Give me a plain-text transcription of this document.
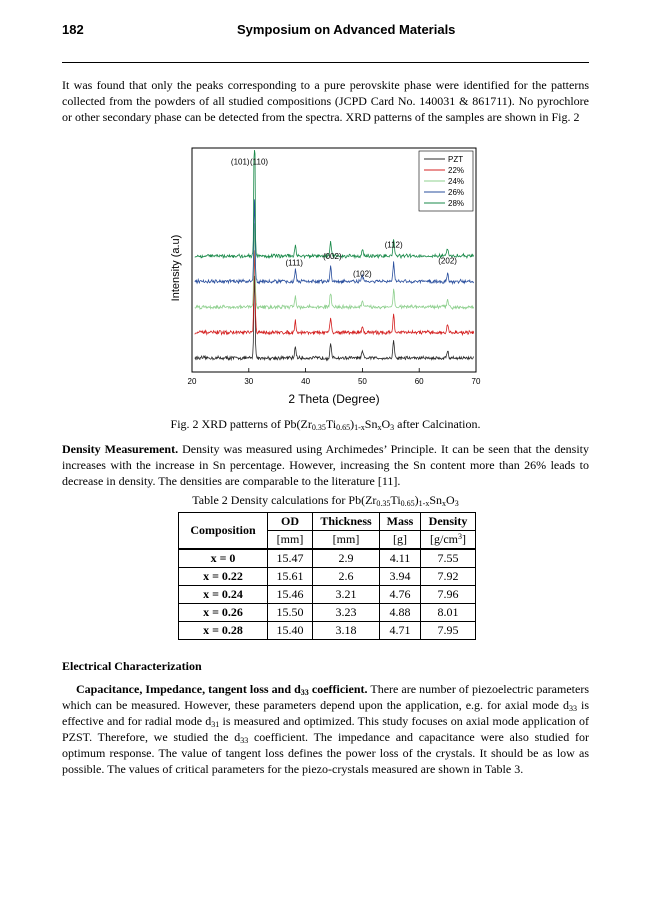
182	Symposium on Advanced Materials

It was found that only the peaks corresponding to a pure perovskite phase were identified for the patterns collected from the powders of all studied compositions (JCPD Card No. 140031 & 861711). No pyrochlore or other secondary phase can be detected from the spectra. XRD patterns of the samples are shown in Fig. 2

20	30	40	50	60	70
(101) (110)
(111)
(002)
(102)
(112)
(202)
PZT
22%
24%
26%
28%
2 Theta (Degree)
Intensity (a.u)
Fig. 2 XRD patterns of $Pb(Zr_{0.35}Ti_{0.65})_{1-x}Sn_xO_3$ after Calcination.

Density Measurement. Density was measured using Archimedes’ Principle. It can be seen that the density increases with the increase in Sn percentage. However, increasing the Sn content more than 26% leads to decrease in density. The densities are comparable to the literature [11].

Table 2 Density calculations for $Pb(Zr_{0.35}Ti_{0.65})_{1-x}Sn_xO_3$
Composition	OD	Thickness	Mass	Density
	[mm]	[mm]	[g]	$[g/cm^3]$
x = 0	15.47	2.9	4.11	7.55
x = 0.22	15.61	2.6	3.94	7.92
x = 0.24	15.46	3.21	4.76	7.96
x = 0.26	15.50	3.23	4.88	8.01
x = 0.28	15.40	3.18	4.71	7.95
Electrical Characterization

Capacitance, Impedance, tangent loss and $d_{33}$ coefficient. There are number of piezoelectric parameters which can be measured. However, these parameters depend upon the application, e.g. for axial mode $d_{33}$ is effective and for radial mode $d_{31}$ is measured and optimized. This study focuses on axial mode application of PZST. Therefore, we studied the $d_{33}$ coefficient. The impedance and capacitance were also studied for optimum response. The value of tangent loss defines the power loss of the crystals. It should be as low as possible. The values of critical parameters for the piezo-crystals measured are shown in Table 3.
